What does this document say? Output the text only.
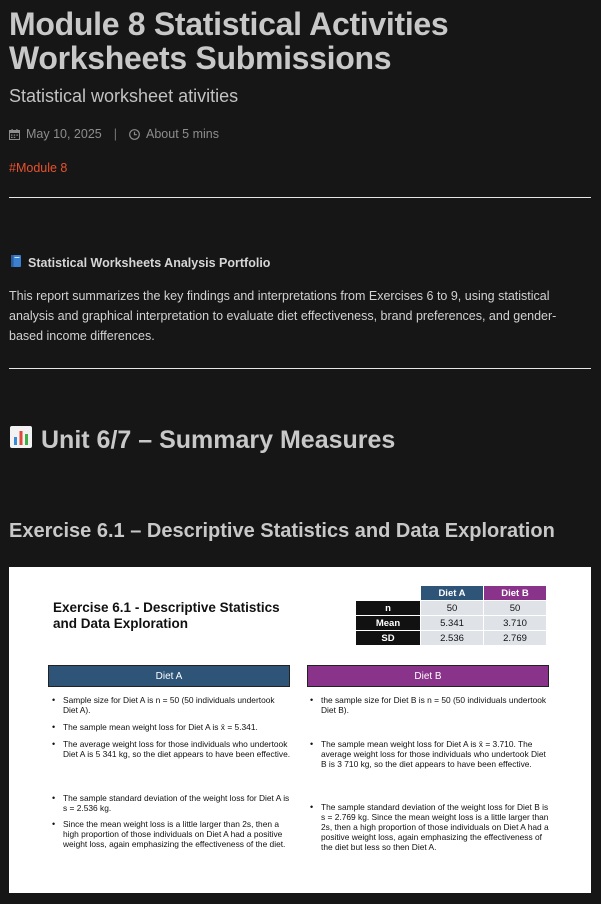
Module 8 Statistical Activities
Worksheets Submissions
Statistical worksheet ativities
May 10, 2025 | About 5 mins
#Module 8
Statistical Worksheets Analysis Portfolio
This report summarizes the key findings and interpretations from Exercises 6 to 9, using statistical analysis and graphical interpretation to evaluate diet effectiveness, brand preferences, and gender-based income differences.
Unit 6/7 – Summary Measures
Exercise 6.1 – Descriptive Statistics and Data Exploration
Exercise 6.1 - Descriptive Statistics
and Data Exploration
	Diet A	Diet B
n	50	50
Mean	5.341	3.710
SD	2.536	2.769
Diet A	Diet B
• Sample size for Diet A is n = 50 (50 individuals undertook Diet A).
• The sample mean weight loss for Diet A is x̄ = 5.341.
• The average weight loss for those individuals who undertook Diet A is 5 341 kg, so the diet appears to have been effective.
• The sample standard deviation of the weight loss for Diet A is s = 2.536 kg.
• Since the mean weight loss is a little larger than 2s, then a high proportion of those individuals on Diet A had a positive weight loss, again emphasizing the effectiveness of the diet.
• the sample size for Diet B is n = 50 (50 individuals undertook Diet B).
• The sample mean weight loss for Diet A is x̄ = 3.710. The average weight loss for those individuals who undertook Diet B is 3 710 kg, so the diet appears to have been effective.
• The sample standard deviation of the weight loss for Diet B is s = 2.769 kg. Since the mean weight loss is a little larger than 2s, then a high proportion of those individuals on Diet A had a positive weight loss, again emphasizing the effectiveness of the diet but less so then Diet A.
